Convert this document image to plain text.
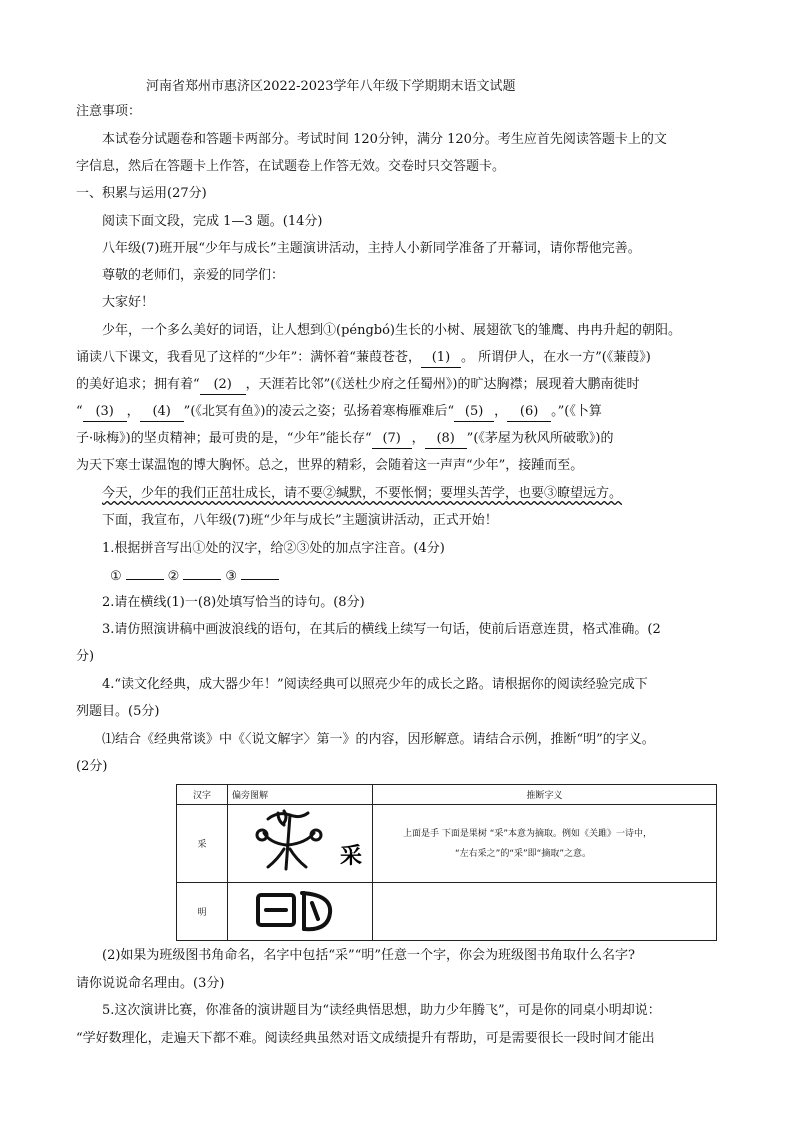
河南省郑州市惠济区2022-2023学年八年级下学期期末语文试题
注意事项：
本试卷分试题卷和答题卡两部分。考试时间 120分钟，满分 120分。考生应首先阅读答题卡上的文
字信息，然后在答题卡上作答，在试题卷上作答无效。交卷时只交答题卡。
一、积累与运用(27分)
阅读下面文段，完成 1—3 题。(14分)
八年级(7)班开展“少年与成长”主题演讲活动，主持人小新同学准备了开幕词，请你帮他完善。
尊敬的老师们，亲爱的同学们：
大家好！
少年，一个多么美好的词语，让人想到①(péngbó)生长的小树、展翅欲飞的雏鹰、冉冉升起的朝阳。
诵读八下课文，我看见了这样的“少年”：满怀着“蒹葭苍苍， (1) 。 所谓伊人，在水一方”(《蒹葭》)
的美好追求；拥有着“ (2) ，天涯若比邻”(《送杜少府之任蜀州》)的旷达胸襟；展现着大鹏南徙时
“ (3) ， (4) ”(《北冥有鱼》)的凌云之姿；弘扬着寒梅雁难后“ (5) ， (6) 。”(《卜算
子·咏梅》)的坚贞精神；最可贵的是，“少年”能长存“ (7) ， (8) ”(《茅屋为秋风所破歌》)的
为天下寒士谋温饱的博大胸怀。总之，世界的精彩，会随着这一声声“少年”，接踵而至。
今天，少年的我们正茁壮成长，请不要②缄默，不要怅惘；要埋头苦学，也要③瞭望远方。
下面，我宣布，八年级(7)班“少年与成长”主题演讲活动，正式开始！
1.根据拼音写出①处的汉字，给②③处的加点字注音。(4分)
①	②	③
2.请在横线(1)一(8)处填写恰当的诗句。(8分)
3.请仿照演讲稿中画波浪线的语句，在其后的横线上续写一句话，使前后语意连贯，格式准确。(2
分)
4.“读文化经典，成大器少年！”阅读经典可以照亮少年的成长之路。请根据你的阅读经验完成下
列题目。(5分)
⑴结合《经典常谈》中《〈说文解字〉第一》的内容，因形解意。请结合示例，推断“明”的字义。
(2分)
汉字	偏旁图解	推断字义
采	采	上面是手 下面是果树 “采”本意为摘取。例如《关雎》一诗中，
“左右采之”的“采”即“摘取”之意。

明		
(2)如果为班级图书角命名，名字中包括“采”“明”任意一个字，你会为班级图书角取什么名字?
请你说说命名理由。(3分)
5.这次演讲比赛，你准备的演讲题目为“读经典悟思想，助力少年腾飞”，可是你的同桌小明却说：
“学好数理化，走遍天下都不难。阅读经典虽然对语文成绩提升有帮助，可是需要很长一段时间才能出
